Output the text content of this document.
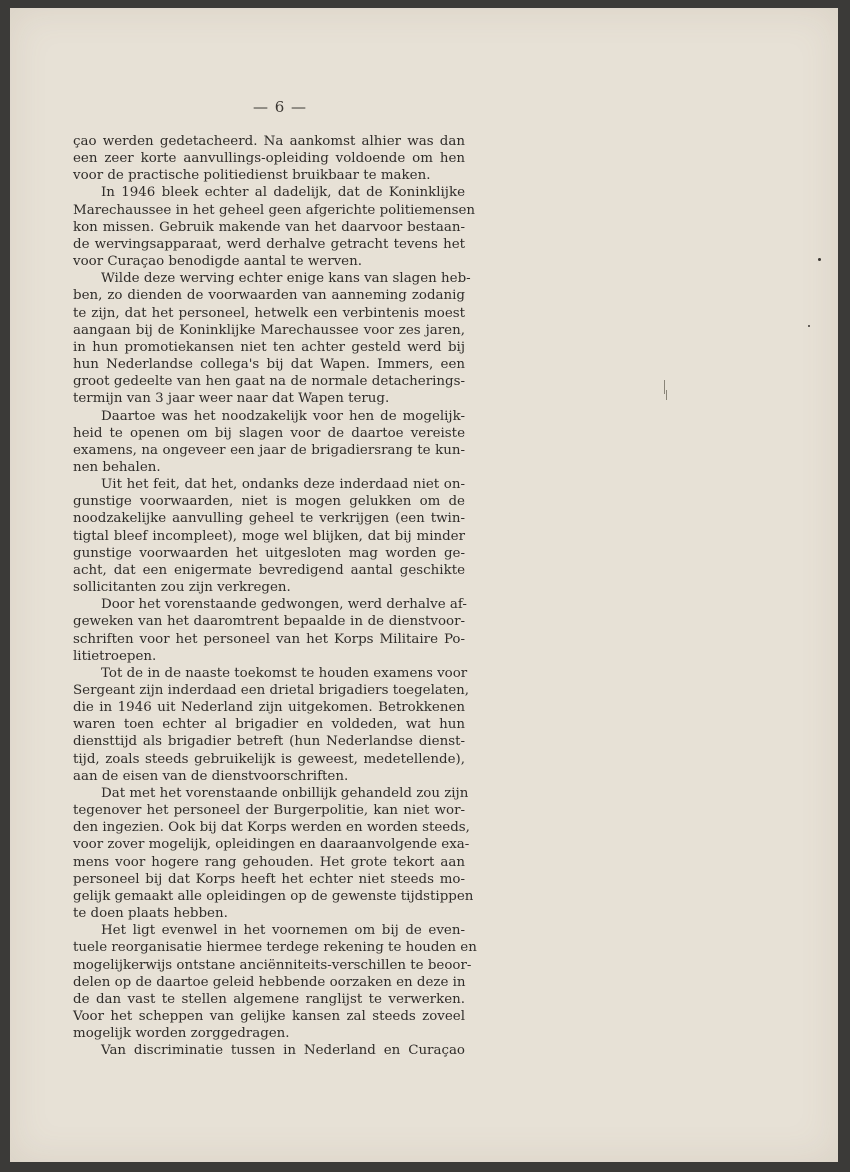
— 6 —

çao werden gedetacheerd. Na aankomst alhier was dan
een zeer korte aanvullings-opleiding voldoende om hen
voor de practische politiedienst bruikbaar te maken.

In 1946 bleek echter al dadelijk, dat de Koninklijke
Marechaussee in het geheel geen afgerichte politiemensen
kon missen. Gebruik makende van het daarvoor bestaan-
de wervingsapparaat, werd derhalve getracht tevens het
voor Curaçao benodigde aantal te werven.

Wilde deze werving echter enige kans van slagen heb-
ben, zo dienden de voorwaarden van aanneming zodanig
te zijn, dat het personeel, hetwelk een verbintenis moest
aangaan bij de Koninklijke Marechaussee voor zes jaren,
in hun promotiekansen niet ten achter gesteld werd bij
hun Nederlandse collega's bij dat Wapen. Immers, een
groot gedeelte van hen gaat na de normale detacherings-
termijn van 3 jaar weer naar dat Wapen terug.

Daartoe was het noodzakelijk voor hen de mogelijk-
heid te openen om bij slagen voor de daartoe vereiste
examens, na ongeveer een jaar de brigadiersrang te kun-
nen behalen.

Uit het feit, dat het, ondanks deze inderdaad niet on-
gunstige voorwaarden, niet is mogen gelukken om de
noodzakelijke aanvulling geheel te verkrijgen (een twin-
tigtal bleef incompleet), moge wel blijken, dat bij minder
gunstige voorwaarden het uitgesloten mag worden ge-
acht, dat een enigermate bevredigend aantal geschikte
sollicitanten zou zijn verkregen.

Door het vorenstaande gedwongen, werd derhalve af-
geweken van het daaromtrent bepaalde in de dienstvoor-
schriften voor het personeel van het Korps Militaire Po-
litietroepen.

Tot de in de naaste toekomst te houden examens voor
Sergeant zijn inderdaad een drietal brigadiers toegelaten,
die in 1946 uit Nederland zijn uitgekomen. Betrokkenen
waren toen echter al brigadier en voldeden, wat hun
diensttijd als brigadier betreft (hun Nederlandse dienst-
tijd, zoals steeds gebruikelijk is geweest, medetellende),
aan de eisen van de dienstvoorschriften.

Dat met het vorenstaande onbillijk gehandeld zou zijn
tegenover het personeel der Burgerpolitie, kan niet wor-
den ingezien. Ook bij dat Korps werden en worden steeds,
voor zover mogelijk, opleidingen en daaraanvolgende exa-
mens voor hogere rang gehouden. Het grote tekort aan
personeel bij dat Korps heeft het echter niet steeds mo-
gelijk gemaakt alle opleidingen op de gewenste tijdstippen
te doen plaats hebben.

Het ligt evenwel in het voornemen om bij de even-
tuele reorganisatie hiermee terdege rekening te houden en
mogelijkerwijs ontstane anciënniteits-verschillen te beoor-
delen op de daartoe geleid hebbende oorzaken en deze in
de dan vast te stellen algemene ranglijst te verwerken.
Voor het scheppen van gelijke kansen zal steeds zoveel
mogelijk worden zorggedragen.

Van discriminatie tussen in Nederland en Curaçao
